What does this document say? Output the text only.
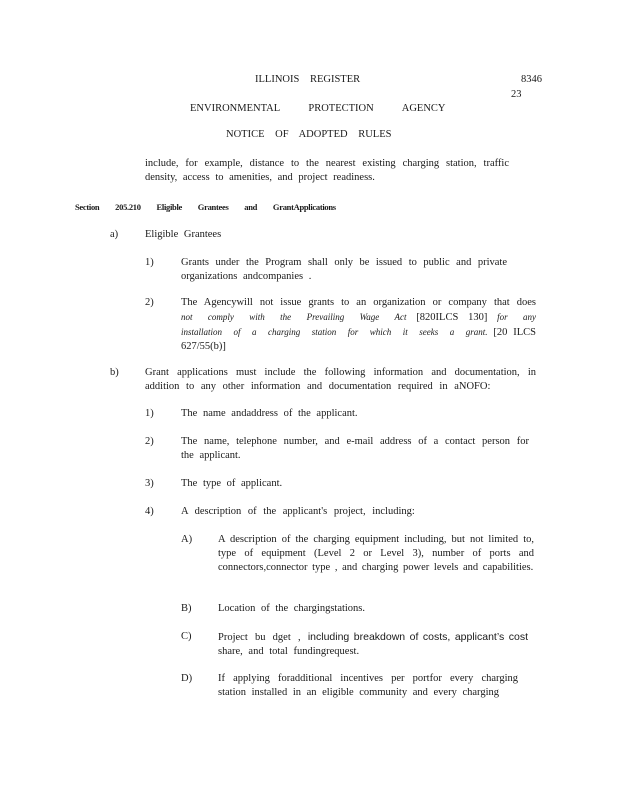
ILLINOIS REGISTER	8346
23
ENVIRONMENTAL PROTECTION AGENCY
NOTICE OF ADOPTED RULES
include, for example, distance to the nearest existing charging station, traffic density, access to amenities, and project readiness.
Section 205.210 Eligible Grantees and GrantApplications
a)	Eligible Grantees
1)	Grants under the Program shall only be issued to public and private organizations andcompanies .
2)	The Agencywill not issue grants to an organization or company that does not comply with the Prevailing Wage Act [820ILCS 130] for any installation of a charging station for which it seeks a grant. [20 ILCS 627/55(b)]
b)	Grant applications must include the following information and documentation, in addition to any other information and documentation required in aNOFO:
1)	The name andaddress of the applicant.
2)	The name, telephone number, and e-mail address of a contact person for the applicant.
3)	The type of applicant.
4)	A description of the applicant's project, including:
A) A description of the charging equipment including, but not limited to, type of equipment (Level 2 or Level 3), number of ports and connectors,connector type , and charging power levels and capabilities.
B)	Location of the chargingstations.
C)	Project bu dget , including breakdown of costs, applicant’s cost share, and total fundingrequest.
D) If applying foradditional incentives per portfor every charging station installed in an eligible community and every charging
